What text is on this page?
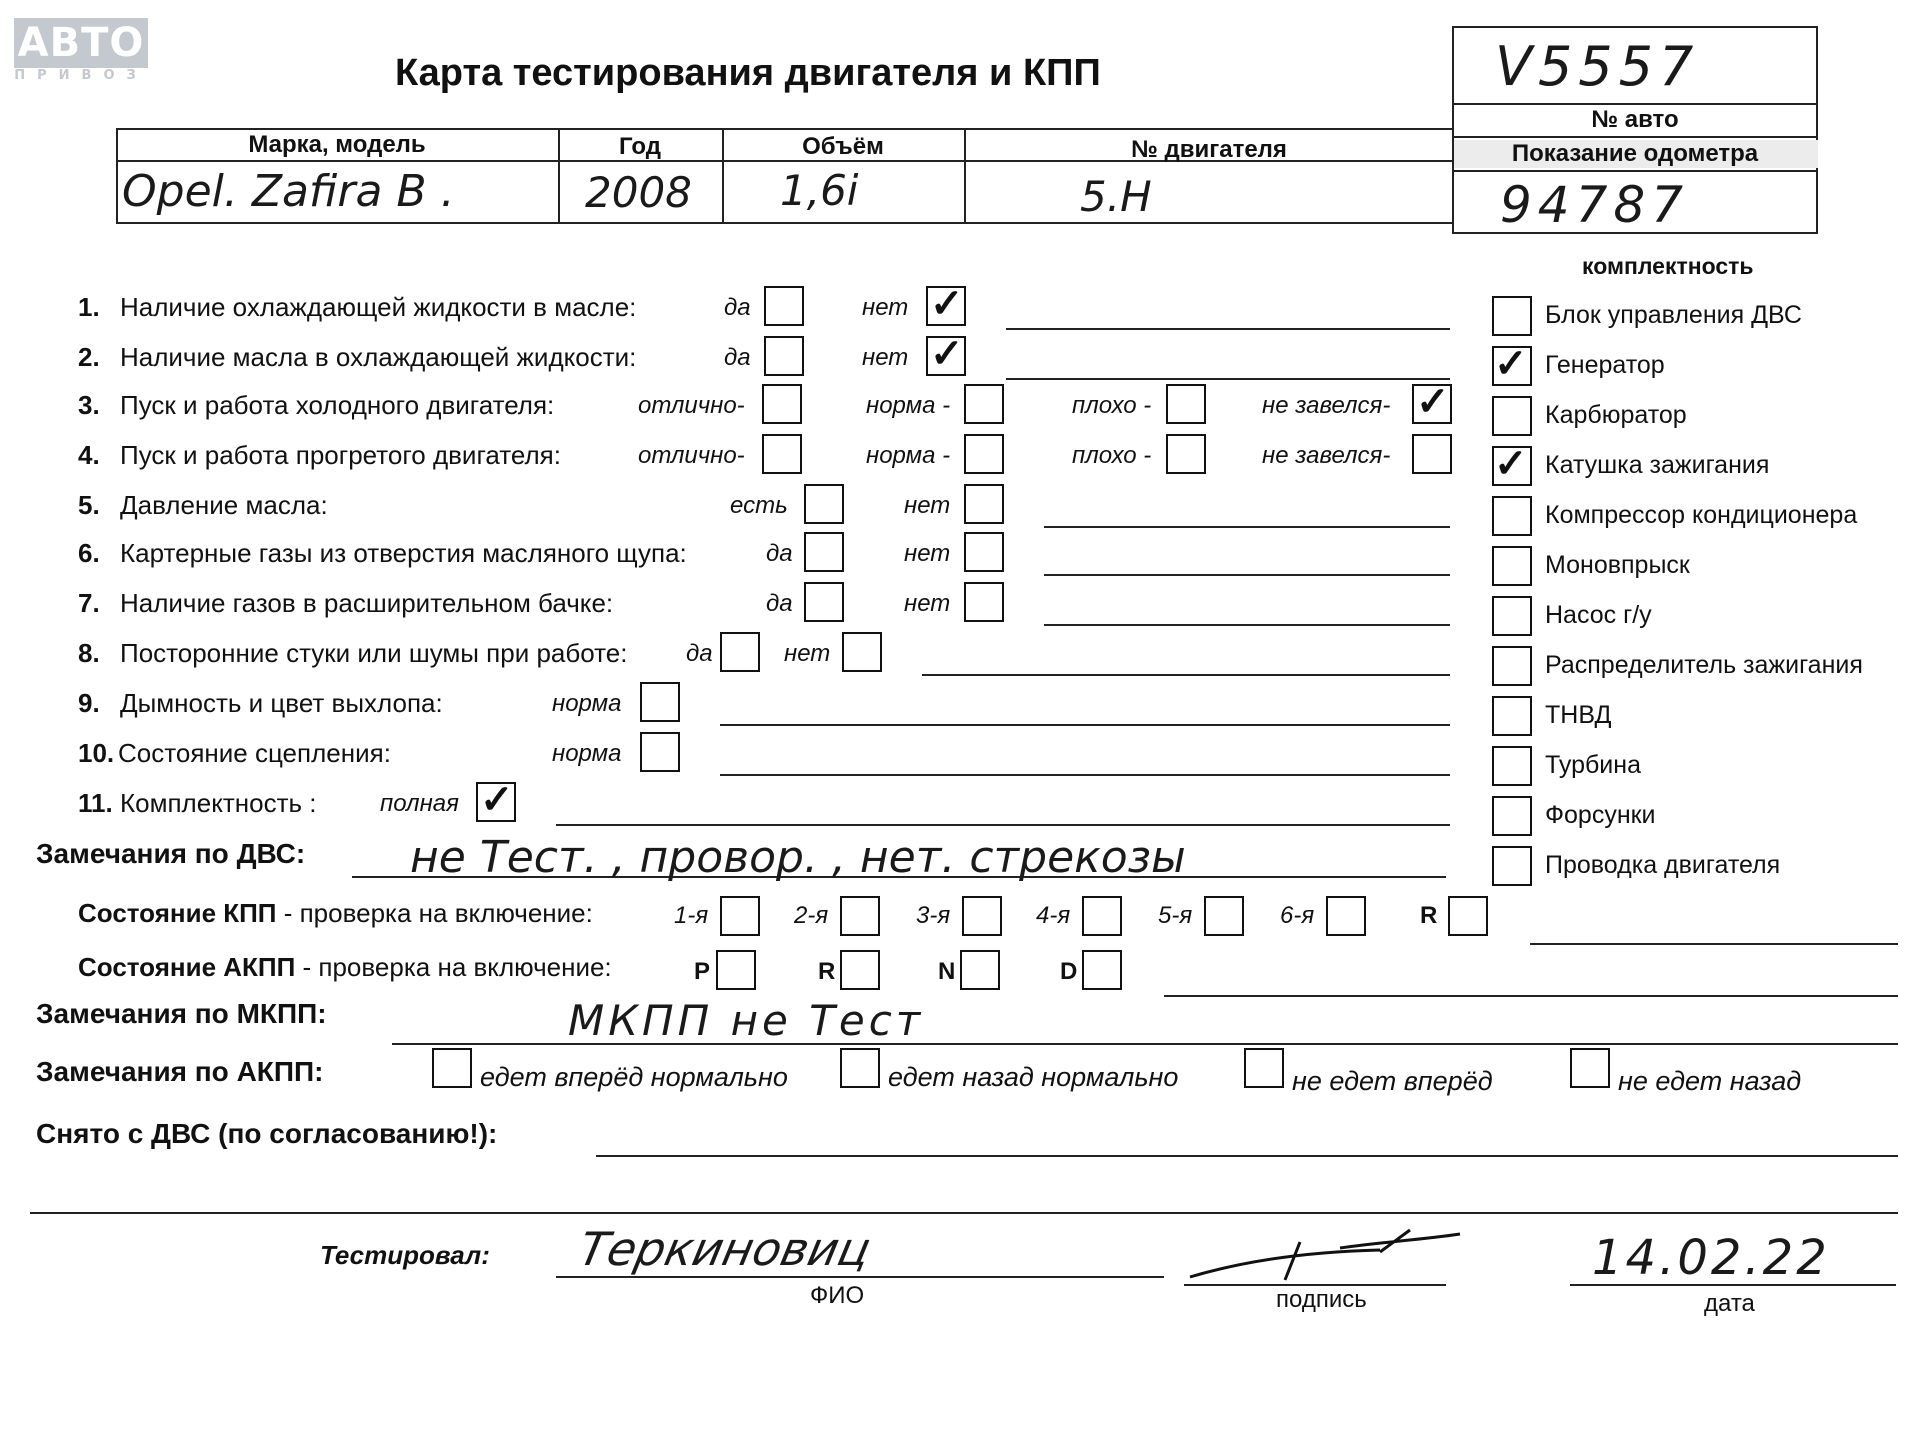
АВТО
ПРИВОЗ	Карта тестирования двигателя и КПП	V5557
№ авто
Показание одометра
94787
Марка, модель	Год	Объём	№ двигателя
Opel. Zafira B .	2008 1,6i	5.H
комплектность
Блок управления ДВС
✓ Генератор
Карбюратор
✓ Катушка зажигания
Компрессор кондиционера
Моновпрыск
Насос г/у
Распределитель зажигания
ТНВД
Турбина
Форсунки
Проводка двигателя
1. Наличие охлаждающей жидкости в масле:	да	нет ✓
2. Наличие масла в охлаждающей жидкости:	да	нет ✓
3. Пуск и работа холодного двигателя:	отлично-	норма -	плохо -	не завелся- ✓
4. Пуск и работа прогретого двигателя:	отлично-	норма -	плохо -	не завелся-
5. Давление масла:	есть	нет
6. Картерные газы из отверстия масляного щупа:	да	нет
7. Наличие газов в расширительном бачке:	да	нет
8. Посторонние стуки или шумы при работе: да	нет
9. Дымность и цвет выхлопа:	норма
10. Состояние сцепления:	норма
11. Комплектность :	полная ✓
Замечания по ДВС: не Тест. , провор. , нет. стрекозы
Состояние КПП - проверка на включение:	1-я	2-я	3-я	4-я	5-я	6-я	R
Состояние АКПП - проверка на включение:	P	R	N	D
Замечания по МКПП:	МКПП не Тест
Замечания по АКПП:	едет вперёд нормально	едет назад нормально	не едет вперёд	не едет назад
Снято с ДВС (по согласованию!):
Тестировал: Теркиновиц
ФИО	подпись
14.02.22
дата
